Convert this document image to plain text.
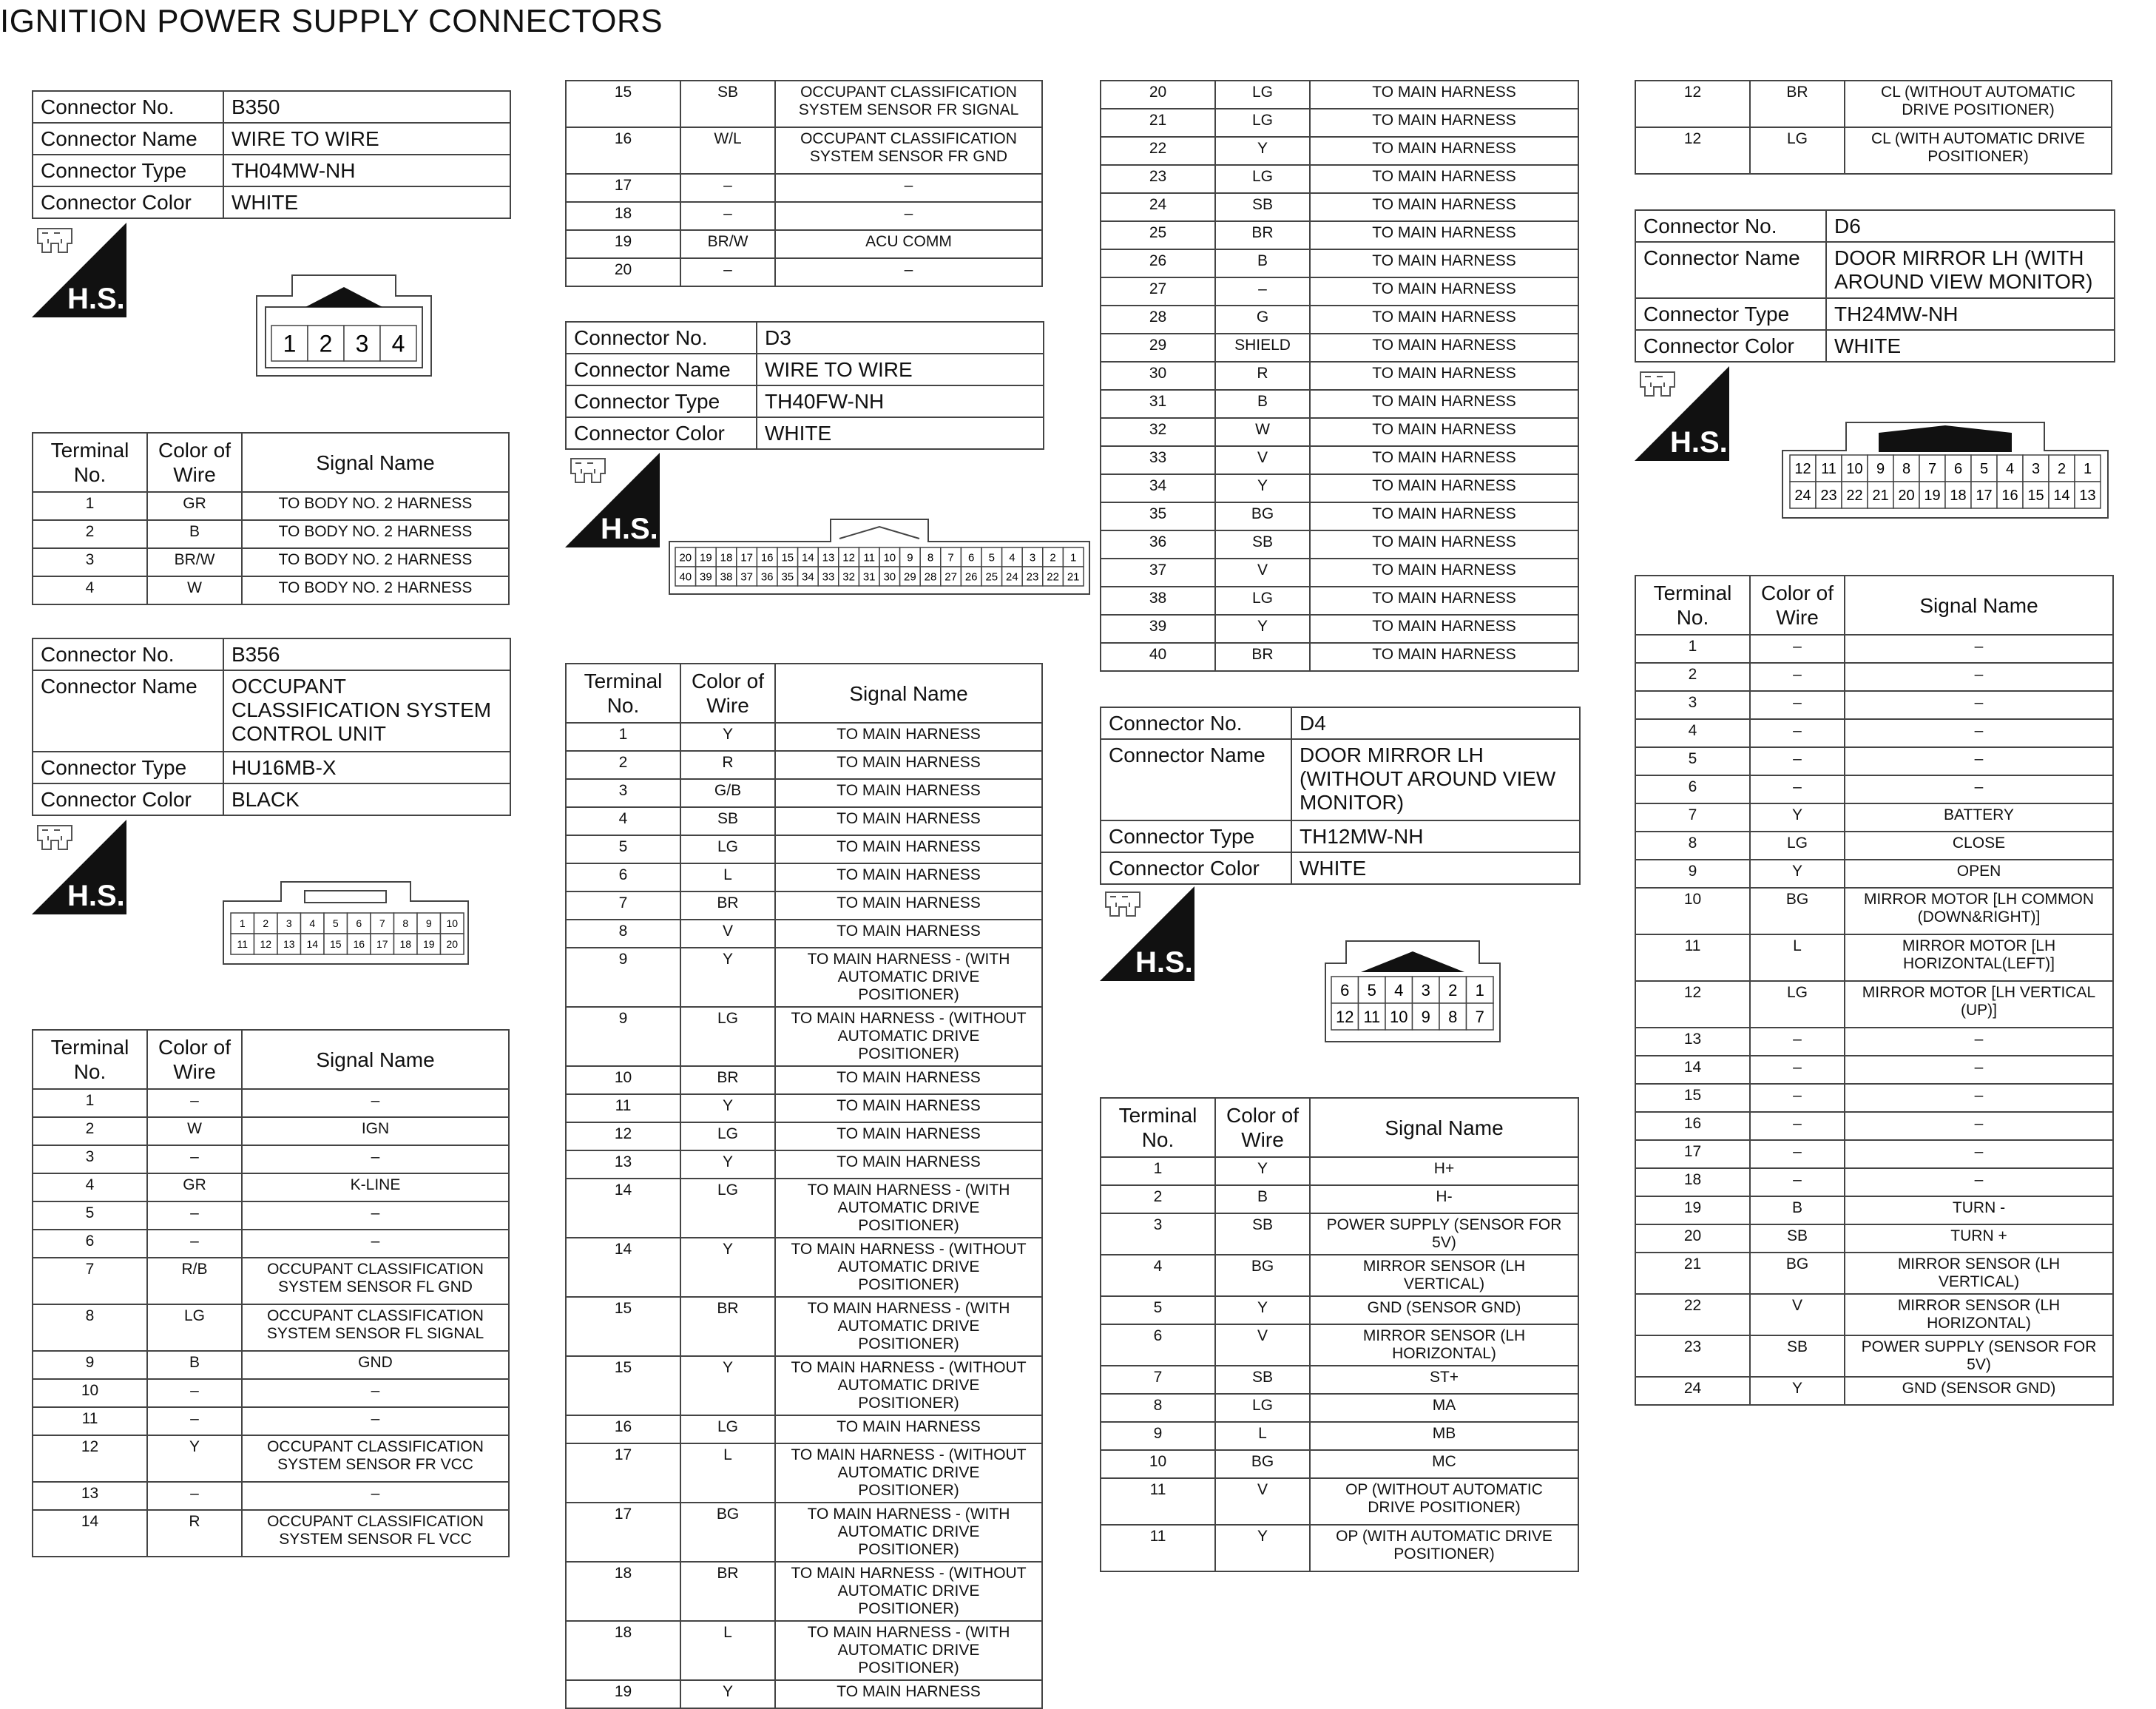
IGNITION POWER SUPPLY CONNECTORS
Connector No.	B350
Connector Name	WIRE TO WIRE
Connector Type	TH04MW-NH
Connector Color	WHITE
H.S.
1 2 3 4
Terminal No.	Color of Wire	Signal Name
1	GR	TO BODY NO. 2 HARNESS
2	B	TO BODY NO. 2 HARNESS
3	BR/W	TO BODY NO. 2 HARNESS
4	W	TO BODY NO. 2 HARNESS
Connector No.	B356
Connector Name	OCCUPANT CLASSIFICATION SYSTEM CONTROL UNIT
Connector Type	HU16MB-X
Connector Color	BLACK
H.S.
1 2 3 4 5 6 7 8 9 10
11 12 13 14 15 16 17 18 19 20
Terminal No.	Color of Wire	Signal Name
1	–	–
2	W	IGN
3	–	–
4	GR	K-LINE
5	–	–
6	–	–
7	R/B	OCCUPANT CLASSIFICATION SYSTEM SENSOR FL GND
8	LG	OCCUPANT CLASSIFICATION SYSTEM SENSOR FL SIGNAL
9	B	GND
10	–	–
11	–	–
12	Y	OCCUPANT CLASSIFICATION SYSTEM SENSOR FR VCC
13	–	–
14	R	OCCUPANT CLASSIFICATION SYSTEM SENSOR FL VCC
15	SB	OCCUPANT CLASSIFICATION SYSTEM SENSOR FR SIGNAL
16	W/L	OCCUPANT CLASSIFICATION SYSTEM SENSOR FR GND
17	–	–
18	–	–
19	BR/W	ACU COMM
20	–	–
Connector No.	D3
Connector Name	WIRE TO WIRE
Connector Type	TH40FW-NH
Connector Color	WHITE
H.S.
20 19 18 17 16 15 14 13 12 11 10 9 8 7 6 5 4 3 2 1
40 39 38 37 36 35 34 33 32 31 30 29 28 27 26 25 24 23 22 21
Terminal No.	Color of Wire	Signal Name
1	Y	TO MAIN HARNESS
2	R	TO MAIN HARNESS
3	G/B	TO MAIN HARNESS
4	SB	TO MAIN HARNESS
5	LG	TO MAIN HARNESS
6	L	TO MAIN HARNESS
7	BR	TO MAIN HARNESS
8	V	TO MAIN HARNESS
9	Y	TO MAIN HARNESS - (WITH AUTOMATIC DRIVE POSITIONER)
9	LG	TO MAIN HARNESS - (WITHOUT AUTOMATIC DRIVE POSITIONER)
10	BR	TO MAIN HARNESS
11	Y	TO MAIN HARNESS
12	LG	TO MAIN HARNESS
13	Y	TO MAIN HARNESS
14	LG	TO MAIN HARNESS - (WITH AUTOMATIC DRIVE POSITIONER)
14	Y	TO MAIN HARNESS - (WITHOUT AUTOMATIC DRIVE POSITIONER)
15	BR	TO MAIN HARNESS - (WITH AUTOMATIC DRIVE POSITIONER)
15	Y	TO MAIN HARNESS - (WITHOUT AUTOMATIC DRIVE POSITIONER)
16	LG	TO MAIN HARNESS
17	L	TO MAIN HARNESS - (WITHOUT AUTOMATIC DRIVE POSITIONER)
17	BG	TO MAIN HARNESS - (WITH AUTOMATIC DRIVE POSITIONER)
18	BR	TO MAIN HARNESS - (WITHOUT AUTOMATIC DRIVE POSITIONER)
18	L	TO MAIN HARNESS - (WITH AUTOMATIC DRIVE POSITIONER)
19	Y	TO MAIN HARNESS
20	LG	TO MAIN HARNESS
21	LG	TO MAIN HARNESS
22	Y	TO MAIN HARNESS
23	LG	TO MAIN HARNESS
24	SB	TO MAIN HARNESS
25	BR	TO MAIN HARNESS
26	B	TO MAIN HARNESS
27	–	TO MAIN HARNESS
28	G	TO MAIN HARNESS
29	SHIELD	TO MAIN HARNESS
30	R	TO MAIN HARNESS
31	B	TO MAIN HARNESS
32	W	TO MAIN HARNESS
33	V	TO MAIN HARNESS
34	Y	TO MAIN HARNESS
35	BG	TO MAIN HARNESS
36	SB	TO MAIN HARNESS
37	V	TO MAIN HARNESS
38	LG	TO MAIN HARNESS
39	Y	TO MAIN HARNESS
40	BR	TO MAIN HARNESS
Connector No.	D4
Connector Name	DOOR MIRROR LH (WITHOUT AROUND VIEW MONITOR)
Connector Type	TH12MW-NH
Connector Color	WHITE
H.S.
6 5 4 3 2 1
12 11 10 9 8 7
Terminal No.	Color of Wire	Signal Name
1	Y	H+
2	B	H-
3	SB	POWER SUPPLY (SENSOR FOR 5V)
4	BG	MIRROR SENSOR (LH VERTICAL)
5	Y	GND (SENSOR GND)
6	V	MIRROR SENSOR (LH HORIZONTAL)
7	SB	ST+
8	LG	MA
9	L	MB
10	BG	MC
11	V	OP (WITHOUT AUTOMATIC DRIVE POSITIONER)
11	Y	OP (WITH AUTOMATIC DRIVE POSITIONER)
12	BR	CL (WITHOUT AUTOMATIC DRIVE POSITIONER)
12	LG	CL (WITH AUTOMATIC DRIVE POSITIONER)
Connector No.	D6
Connector Name	DOOR MIRROR LH (WITH AROUND VIEW MONITOR)
Connector Type	TH24MW-NH
Connector Color	WHITE
H.S.
12 11 10 9 8 7 6 5 4 3 2 1
24 23 22 21 20 19 18 17 16 15 14 13
Terminal No.	Color of Wire	Signal Name
1	–	–
2	–	–
3	–	–
4	–	–
5	–	–
6	–	–
7	Y	BATTERY
8	LG	CLOSE
9	Y	OPEN
10	BG	MIRROR MOTOR [LH COMMON (DOWN&RIGHT)]
11	L	MIRROR MOTOR [LH HORIZONTAL(LEFT)]
12	LG	MIRROR MOTOR [LH VERTICAL (UP)]
13	–	–
14	–	–
15	–	–
16	–	–
17	–	–
18	–	–
19	B	TURN -
20	SB	TURN +
21	BG	MIRROR SENSOR (LH VERTICAL)
22	V	MIRROR SENSOR (LH HORIZONTAL)
23	SB	POWER SUPPLY (SENSOR FOR 5V)
24	Y	GND (SENSOR GND)
